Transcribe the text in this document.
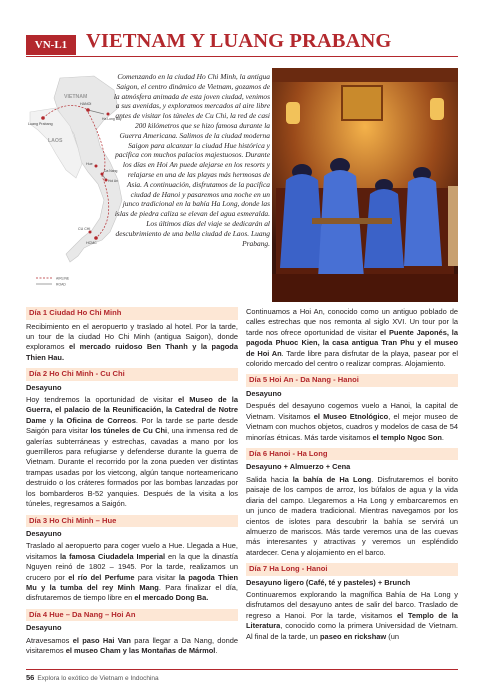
VN-L1 VIETNAM Y LUANG PRABANG
VIETNAM
LAOS
Luang Prabang
HANOI
Ha Long Bay
Hue
Da Nang
Hoi An
CU CHI
HCMC
AIRLINE
ROAD
Comenzando en la ciudad Ho Chi Minh, la antigua Saigon, el centro dinámico de Vietnam, gozamos de la atmósfera animada de esta joven ciudad, venimos a sus avenidas, y exploramos mercados al aire libre antes de visitar los túneles de Cu Chi, la red de casi 200 kilómetros que se hizo famosa durante la Guerra Americana. Salimos de la ciudad moderna Saigon para alcanzar la ciudad Hue histórica y pacífica con muchos palacios majestuosos. Durante los días en Hoi An puede alejarse en los resorts y relajarse en una de las playas más hermosas de Asia. A continuación, disfrutamos de la pacífica ciudad de Hanoi y pasaremos una noche en un junco tradicional en la bahía Ha Long, donde las islas de piedra caliza se elevan del agua esmeralda. Los últimos días del viaje se dedicarán al descubrimiento de una bella ciudad de Laos. Luang Prabang.
Día 1 Ciudad Ho Chi Minh
Recibimiento en el aeropuerto y traslado al hotel. Por la tarde, un tour de la ciudad Ho Chi Minh (antigua Saigon), donde exploramos el mercado ruidoso Ben Thanh y la pagoda Thien Hau.
Día 2 Ho Chi Minh - Cu Chi
Desayuno
Hoy tendremos la oportunidad de visitar el Museo de la Guerra, el palacio de la Reunificación, la Catedral de Notre Dame y la Oficina de Correos. Por la tarde se parte desde Saigón para visitar los túneles de Cu Chi, una inmensa red de galerías subterráneas y estrechas, cavadas a mano por los guerrilleros para refugiarse y defenderse durante la guerra de Vietnam. Durante el recorrido por la zona pueden ver distintas trampas usadas por los vietcong, algún tanque norteamericano destruido o los cráteres formados por las bombas lanzadas por los bombarderos B-52 yanquies. Después de la visita a los túneles, regresamos a Saigón.
Día 3 Ho Chi Minh – Hue
Desayuno
Traslado al aeropuerto para coger vuelo a Hue. Llegada a Hue, visitamos la famosa Ciudadela Imperial en la que la dinastía Nguyen reinó de 1802 – 1945. Por la tarde, realizamos un crucero por el río del Perfume para visitar la pagoda Thien Mu y la tumba del rey Minh Mang. Para finalizar el día, disfrutaremos de tiempo libre en el mercado Dong Ba.
Día 4 Hue – Da Nang – Hoi An
Desayuno
Atravesamos el paso Hai Van para llegar a Da Nang, donde visitaremos el museo Cham y las Montañas de Mármol.
Continuamos a Hoi An, conocido como un antiguo poblado de calles estrechas que nos remonta al siglo XVI. Un tour por la tarde nos ofrece oportunidad de visitar el Puente Japonés, la pagoda Phuoc Kien, la casa antigua Tran Phu y el museo de Hoi An. Tarde libre para disfrutar de la playa, pasear por el colorido mercado del centro o realizar compras. Alojamiento.
Día 5 Hoi An - Da Nang - Hanoi
Desayuno
Después del desayuno cogemos vuelo a Hanoi, la capital de Vietnam. Visitamos el Museo Etnológico, el mejor museo de Vietnam con muchos objetos, cuadros y modelos de casa de 54 minorías étnicas. Más tarde visitamos el templo Ngoc Son.
Día 6 Hanoi - Ha Long
Desayuno + Almuerzo + Cena
Salida hacia la bahía de Ha Long. Disfrutaremos el bonito paisaje de los campos de arroz, los búfalos de agua y la vida diaria del campo. Llegaremos a Ha Long y embarcaremos en un junco de madera tradicional. Mientras navegamos por los cientos de islotes para descubrir la bahía se servirá un almuerzo de mariscos. Más tarde veremos una de las cuevas más interesantes y atractivas y veremos un espléndido atardecer. Cena y alojamiento en el barco.
Día 7 Ha Long - Hanoi
Desayuno ligero (Café, té y pasteles) + Brunch
Continuaremos explorando la magnífica Bahía de Ha Long y disfrutamos del desayuno antes de salir del barco. Traslado de regreso a Hanoi. Por la tarde, visitamos el Templo de la Literatura, conocido como la primera Universidad de Vietnam. Al final de la tarde, un paseo en rickshaw (un
56 Explora lo exótico de Vietnam e Indochina
